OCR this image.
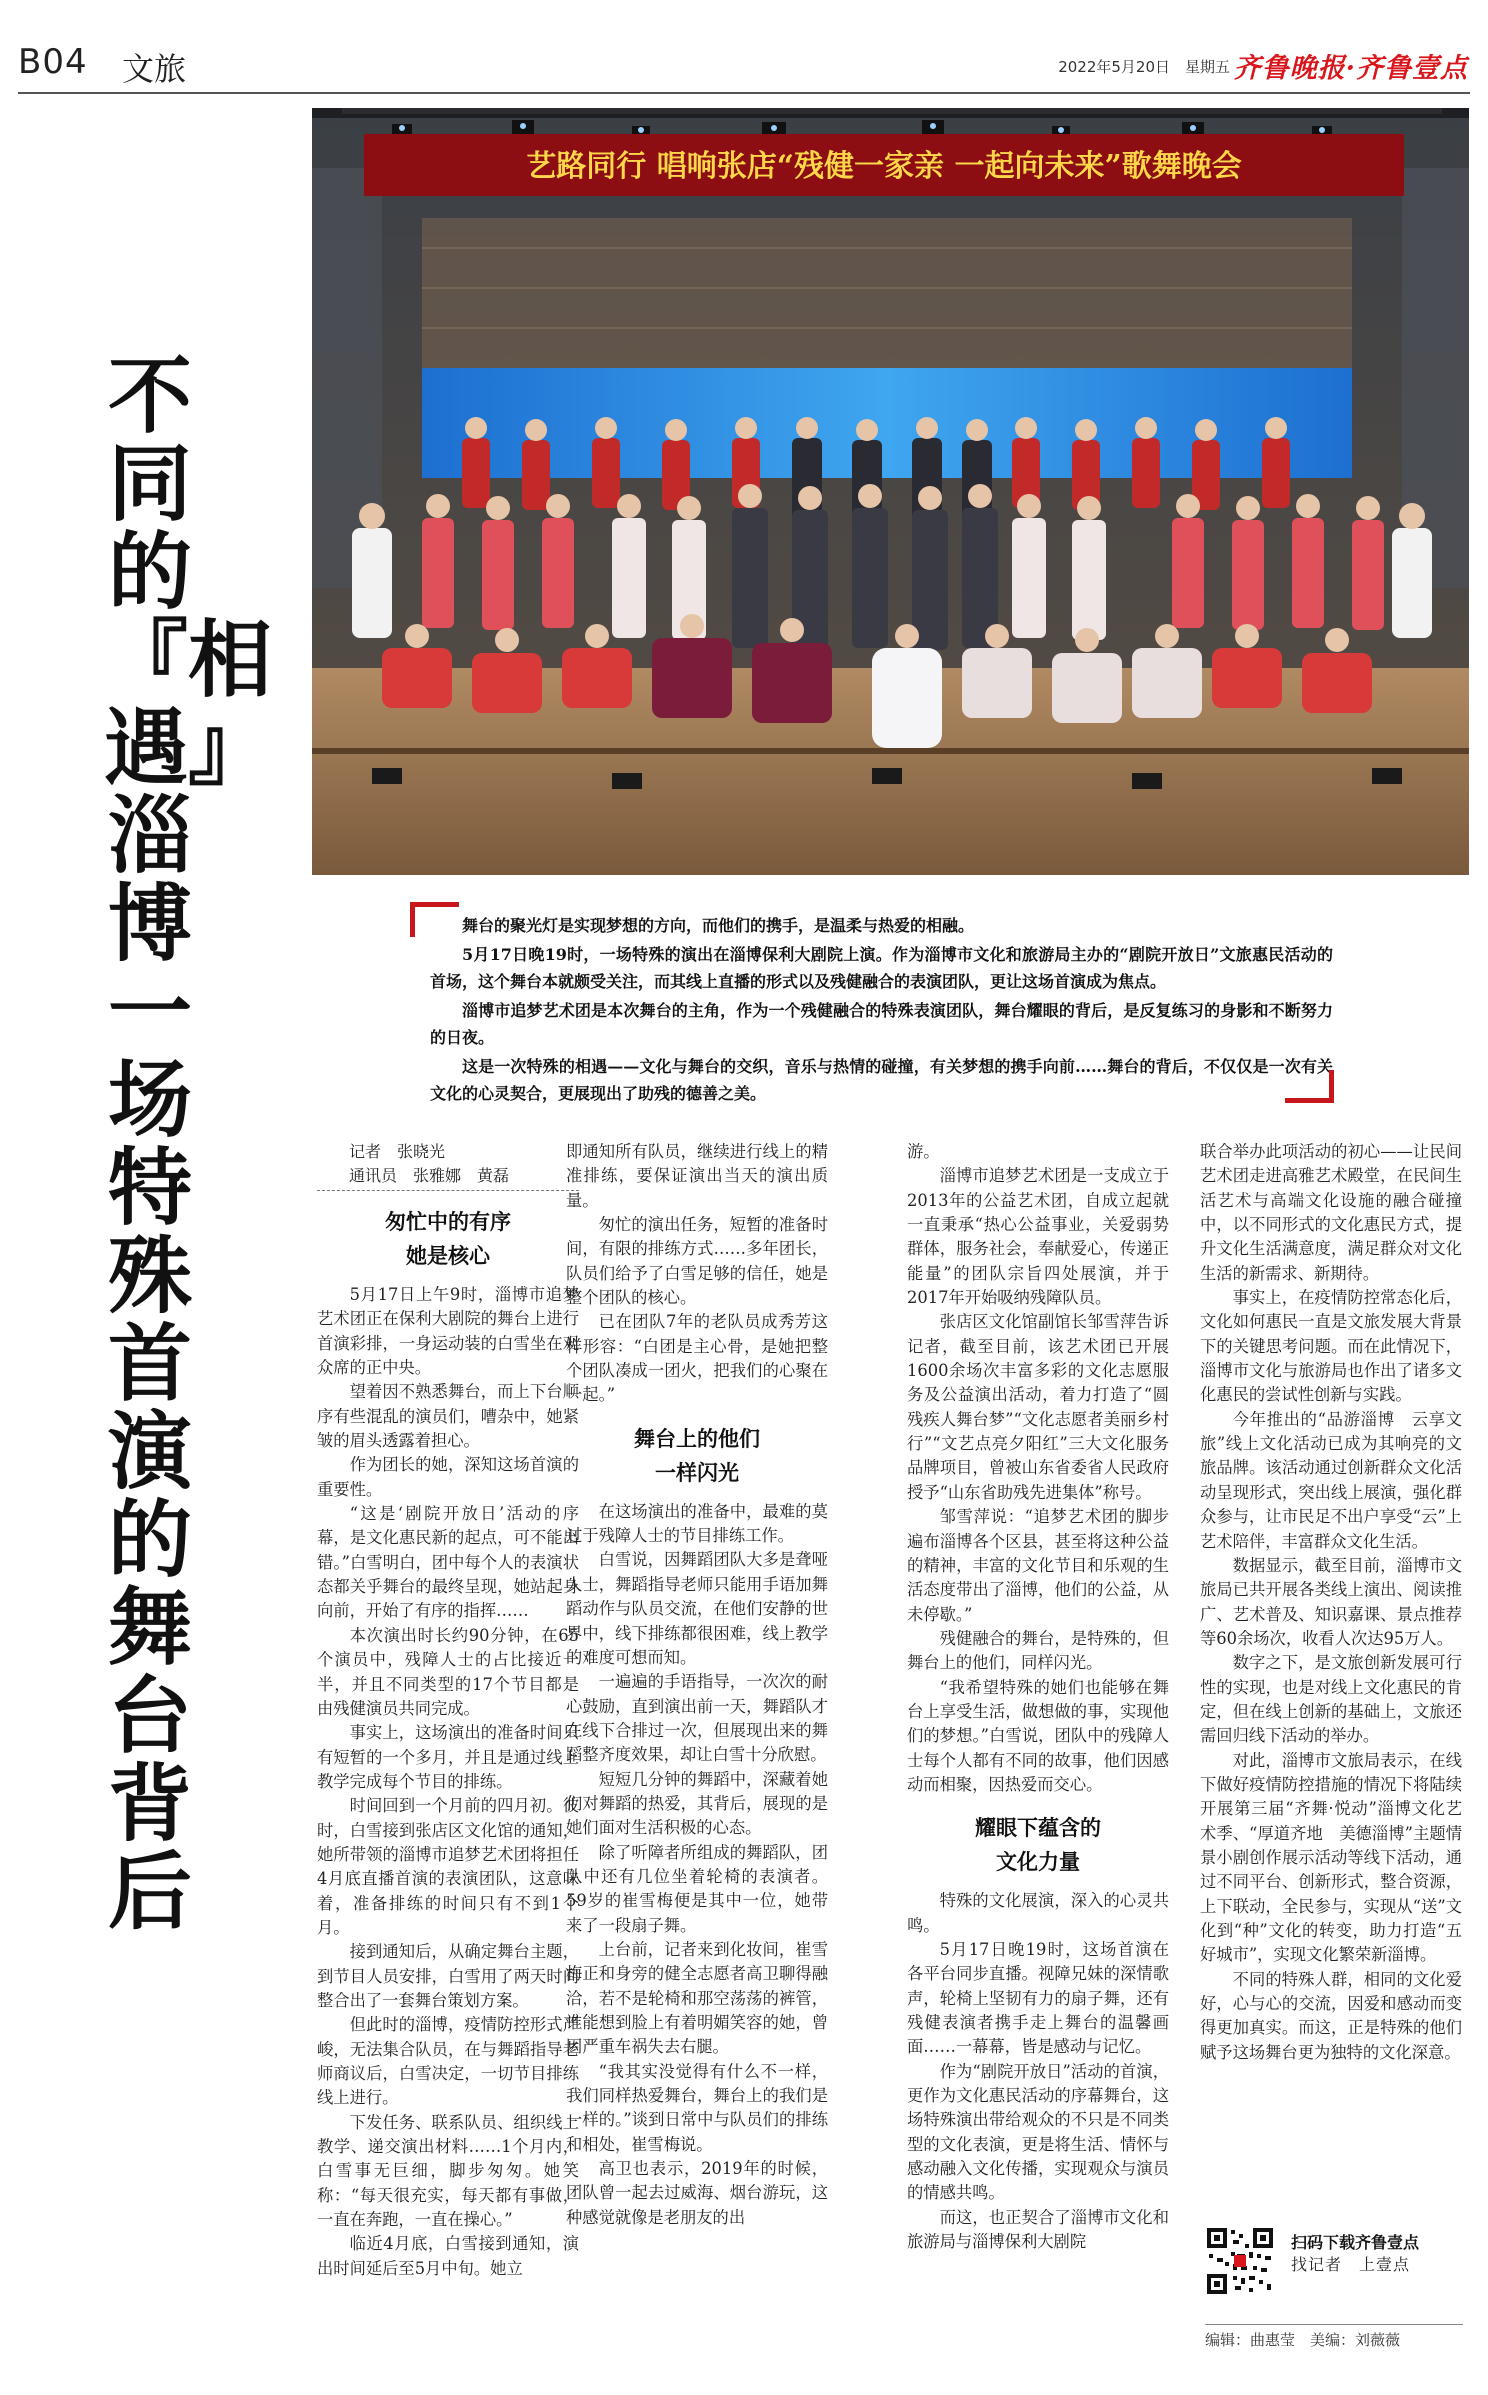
B04 文旅	2022年5月20日　星期五 齐鲁晚报·齐鲁壹点
不同的『相遇』淄博一场特殊首演的舞台背后
艺路同行 唱响张店“残健一家亲 一起向未来”歌舞晚会

舞台的聚光灯是实现梦想的方向，而他们的携手，是温柔与热爱的相融。

5月17日晚19时，一场特殊的演出在淄博保利大剧院上演。作为淄博市文化和旅游局主办的“剧院开放日”文旅惠民活动的首场，这个舞台本就颇受关注，而其线上直播的形式以及残健融合的表演团队，更让这场首演成为焦点。

淄博市追梦艺术团是本次舞台的主角，作为一个残健融合的特殊表演团队，舞台耀眼的背后，是反复练习的身影和不断努力的日夜。

这是一次特殊的相遇——文化与舞台的交织，音乐与热情的碰撞，有关梦想的携手向前……舞台的背后，不仅仅是一次有关文化的心灵契合，更展现出了助残的德善之美。

记者　张晓光

通讯员　张雅娜　黄磊

匆忙中的有序
她是核心

5月17日上午9时，淄博市追梦艺术团正在保利大剧院的舞台上进行首演彩排，一身运动装的白雪坐在观众席的正中央。

望着因不熟悉舞台，而上下台顺序有些混乱的演员们，嘈杂中，她紧皱的眉头透露着担心。

作为团长的她，深知这场首演的重要性。

“这是‘剧院开放日’活动的序幕，是文化惠民新的起点，可不能出错。”白雪明白，团中每个人的表演状态都关乎舞台的最终呈现，她站起身向前，开始了有序的指挥……

本次演出时长约90分钟，在65个演员中，残障人士的占比接近一半，并且不同类型的17个节目都是由残健演员共同完成。

事实上，这场演出的准备时间只有短暂的一个多月，并且是通过线上教学完成每个节目的排练。

时间回到一个月前的四月初。彼时，白雪接到张店区文化馆的通知，她所带领的淄博市追梦艺术团将担任4月底直播首演的表演团队，这意味着，准备排练的时间只有不到1个月。

接到通知后，从确定舞台主题，到节目人员安排，白雪用了两天时间整合出了一套舞台策划方案。

但此时的淄博，疫情防控形式严峻，无法集合队员，在与舞蹈指导老师商议后，白雪决定，一切节目排练线上进行。

下发任务、联系队员、组织线上教学、递交演出材料……1个月内，白雪事无巨细，脚步匆匆。她笑称：“每天很充实，每天都有事做，一直在奔跑，一直在操心。”

临近4月底，白雪接到通知，演出时间延后至5月中旬。她立

即通知所有队员，继续进行线上的精准排练，要保证演出当天的演出质量。

匆忙的演出任务，短暂的准备时间，有限的排练方式……多年团长，队员们给予了白雪足够的信任，她是整个团队的核心。

已在团队7年的老队员成秀芳这样形容：“白团是主心骨，是她把整个团队凑成一团火，把我们的心聚在一起。”

舞台上的他们
一样闪光

在这场演出的准备中，最难的莫过于残障人士的节目排练工作。

白雪说，因舞蹈团队大多是聋哑人士，舞蹈指导老师只能用手语加舞蹈动作与队员交流，在他们安静的世界中，线下排练都很困难，线上教学的难度可想而知。

一遍遍的手语指导，一次次的耐心鼓励，直到演出前一天，舞蹈队才在线下合排过一次，但展现出来的舞蹈整齐度效果，却让白雪十分欣慰。

短短几分钟的舞蹈中，深藏着她们对舞蹈的热爱，其背后，展现的是她们面对生活积极的心态。

除了听障者所组成的舞蹈队，团队中还有几位坐着轮椅的表演者。59岁的崔雪梅便是其中一位，她带来了一段扇子舞。

上台前，记者来到化妆间，崔雪梅正和身旁的健全志愿者高卫聊得融洽，若不是轮椅和那空荡荡的裤管，谁能想到脸上有着明媚笑容的她，曾因严重车祸失去右腿。

“我其实没觉得有什么不一样，我们同样热爱舞台，舞台上的我们是一样的。”谈到日常中与队员们的排练和相处，崔雪梅说。

高卫也表示，2019年的时候，团队曾一起去过威海、烟台游玩，这种感觉就像是老朋友的出

游。

淄博市追梦艺术团是一支成立于2013年的公益艺术团，自成立起就一直秉承“热心公益事业，关爱弱势群体，服务社会，奉献爱心，传递正能量”的团队宗旨四处展演，并于2017年开始吸纳残障队员。

张店区文化馆副馆长邹雪萍告诉记者，截至目前，该艺术团已开展1600余场次丰富多彩的文化志愿服务及公益演出活动，着力打造了“圆残疾人舞台梦”“文化志愿者美丽乡村行”“文艺点亮夕阳红”三大文化服务品牌项目，曾被山东省委省人民政府授予“山东省助残先进集体”称号。

邹雪萍说：“追梦艺术团的脚步遍布淄博各个区县，甚至将这种公益的精神，丰富的文化节目和乐观的生活态度带出了淄博，他们的公益，从未停歇。”

残健融合的舞台，是特殊的，但舞台上的他们，同样闪光。

“我希望特殊的她们也能够在舞台上享受生活，做想做的事，实现他们的梦想。”白雪说，团队中的残障人士每个人都有不同的故事，他们因感动而相聚，因热爱而交心。

耀眼下蕴含的
文化力量

特殊的文化展演，深入的心灵共鸣。

5月17日晚19时，这场首演在各平台同步直播。视障兄妹的深情歌声，轮椅上坚韧有力的扇子舞，还有残健表演者携手走上舞台的温馨画面……一幕幕，皆是感动与记忆。

作为“剧院开放日”活动的首演，更作为文化惠民活动的序幕舞台，这场特殊演出带给观众的不只是不同类型的文化表演，更是将生活、情怀与感动融入文化传播，实现观众与演员的情感共鸣。

而这，也正契合了淄博市文化和旅游局与淄博保利大剧院

联合举办此项活动的初心——让民间艺术团走进高雅艺术殿堂，在民间生活艺术与高端文化设施的融合碰撞中，以不同形式的文化惠民方式，提升文化生活满意度，满足群众对文化生活的新需求、新期待。

事实上，在疫情防控常态化后，文化如何惠民一直是文旅发展大背景下的关键思考问题。而在此情况下，淄博市文化与旅游局也作出了诸多文化惠民的尝试性创新与实践。

今年推出的“品游淄博　云享文旅”线上文化活动已成为其响亮的文旅品牌。该活动通过创新群众文化活动呈现形式，突出线上展演，强化群众参与，让市民足不出户享受“云”上艺术陪伴，丰富群众文化生活。

数据显示，截至目前，淄博市文旅局已共开展各类线上演出、阅读推广、艺术普及、知识嘉课、景点推荐等60余场次，收看人次达95万人。

数字之下，是文旅创新发展可行性的实现，也是对线上文化惠民的肯定，但在线上创新的基础上，文旅还需回归线下活动的举办。

对此，淄博市文旅局表示，在线下做好疫情防控措施的情况下将陆续开展第三届“齐舞·悦动”淄博文化艺术季、“厚道齐地　美德淄博”主题情景小剧创作展示活动等线下活动，通过不同平台、创新形式，整合资源，上下联动，全民参与，实现从“送”文化到“种”文化的转变，助力打造“五好城市”，实现文化繁荣新淄博。

不同的特殊人群，相同的文化爱好，心与心的交流，因爱和感动而变得更加真实。而这，正是特殊的他们赋予这场舞台更为独特的文化深意。

扫码下载齐鲁壹点
找记者　上壹点
编辑：曲惠莹　美编：刘薇薇
